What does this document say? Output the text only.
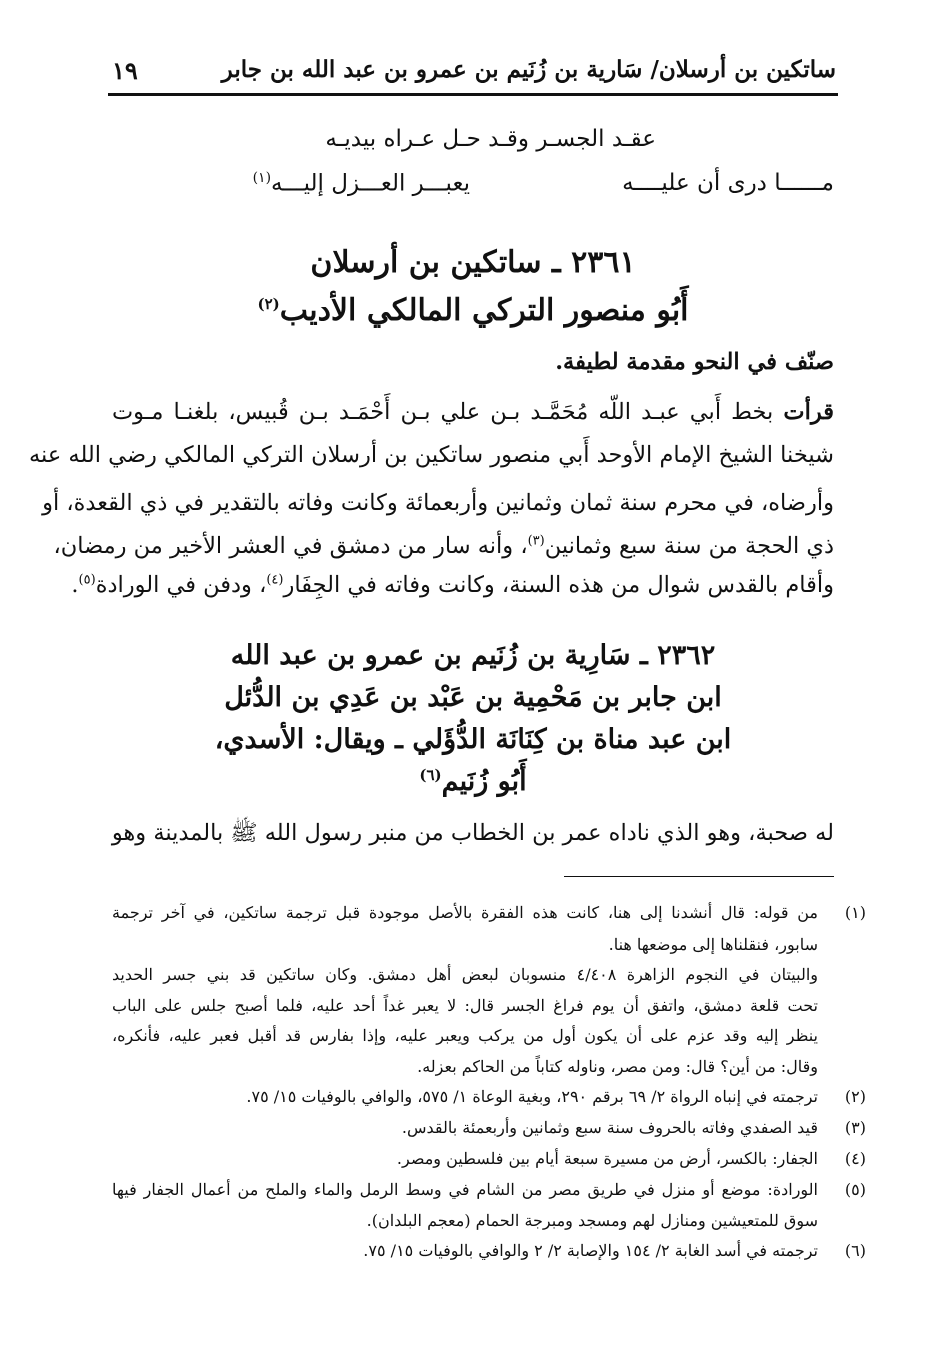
ساتكين بن أرسلان/ سَارية بن زُنَيم بن عمرو بن عبد الله بن جابر
١٩
عقـد الجسـر وقـد حـل عـراه بيديـه
مــــــا درى أن عليــــه
يعبـــر العـــزل إليـــه$^{(١)}$
٢٣٦١ ـ ساتكين بن أرسلان
أَبُو منصور التركي المالكي الأديب$^{(٢)}$
صنّف في النحو مقدمة لطيفة.
قرأت بخط أَبي عبـد اللّه مُحَمَّـد بـن علي بـن أَحْمَـد بـن قُبيس، بلغنـا مـوت
شيخنا الشيخ الإمام الأوحد أَبي منصور ساتكين بن أرسلان التركي المالكي رضي الله عنه
وأرضاه، في محرم سنة ثمان وثمانين وأربعمائة وكانت وفاته بالتقدير في ذي القعدة، أو
ذي الحجة من سنة سبع وثمانين$^{(٣)}$، وأنه سار من دمشق في العشر الأخير من رمضان،
وأقام بالقدس شوال من هذه السنة، وكانت وفاته في الجِفَار$^{(٤)}$، ودفن في الورادة$^{(٥)}$.
٢٣٦٢ ـ سَارِية بن زُنَيم بن عمرو بن عبد الله
ابن جابر بن مَحْمِية بن عَبْد بن عَدِي بن الدُّئل
ابن عبد مناة بن كِنَانَة الدُّؤَلي ـ ويقال: الأسدي،
أَبُو زُنَيم$^{(٦)}$
له صحبة، وهو الذي ناداه عمر بن الخطاب من منبر رسول الله ﷺ بالمدينة وهو
(١)
من قوله: قال أنشدنا إلى هنا، كانت هذه الفقرة بالأصل موجودة قبل ترجمة ساتكين، في آخر ترجمة
سابور، فنقلناها إلى موضعها هنا.
والبيتان في النجوم الزاهرة ٤/٤٠٨ منسوبان لبعض أهل دمشق. وكان ساتكين قد بني جسر الحديد
تحت قلعة دمشق، واتفق أن يوم فراغ الجسر قال: لا يعبر غداً أحد عليه، فلما أصبح جلس على الباب
ينظر إليه وقد عزم على أن يكون أول من يركب ويعبر عليه، وإذا بفارس قد أقبل فعبر عليه، فأنكره،
وقال: من أين؟ قال: ومن مصر، وناوله كتاباً من الحاكم بعزله.
(٢)
ترجمته في إنباه الرواة ٢/ ٦٩ برقم ٢٩٠، وبغية الوعاة ١/ ٥٧٥، والوافي بالوفيات ١٥/ ٧٥.
(٣)
قيد الصفدي وفاته بالحروف سنة سبع وثمانين وأربعمئة بالقدس.
(٤)
الجفار: بالكسر، أرض من مسيرة سبعة أيام بين فلسطين ومصر.
(٥)
الورادة: موضع أو منزل في طريق مصر من الشام في وسط الرمل والماء والملح من أعمال الجفار فيها
سوق للمتعيشين ومنازل لهم ومسجد ومبرجة الحمام (معجم البلدان).
(٦)
ترجمته في أسد الغابة ٢/ ١٥٤ والإصابة ٢/ ٢ والوافي بالوفيات ١٥/ ٧٥.
